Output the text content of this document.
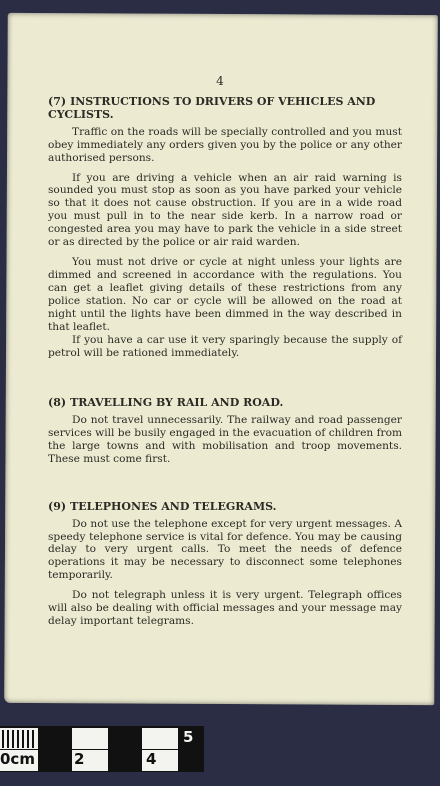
4

(7) INSTRUCTIONS TO DRIVERS OF VEHICLES AND CYCLISTS.

Traffic on the roads will be specially controlled and you must obey immediately any orders given you by the police or any other authorised persons.

If you are driving a vehicle when an air raid warning is sounded you must stop as soon as you have parked your vehicle so that it does not cause obstruction. If you are in a wide road you must pull in to the near side kerb. In a narrow road or congested area you may have to park the vehicle in a side street or as directed by the police or air raid warden.

You must not drive or cycle at night unless your lights are dimmed and screened in accordance with the regulations. You can get a leaflet giving details of these restrictions from any police station. No car or cycle will be allowed on the road at night until the lights have been dimmed in the way described in that leaflet.

If you have a car use it very sparingly because the supply of petrol will be rationed immediately.

(8) TRAVELLING BY RAIL AND ROAD.

Do not travel unnecessarily. The railway and road passenger services will be busily engaged in the evacuation of children from the large towns and with mobilisation and troop movements. These must come first.

(9) TELEPHONES AND TELEGRAMS.

Do not use the telephone except for very urgent messages. A speedy telephone service is vital for defence. You may be causing delay to very urgent calls. To meet the needs of defence operations it may be necessary to disconnect some telephones temporarily.

Do not telegraph unless it is very urgent. Telegraph offices will also be dealing with official messages and your message may delay important telegrams.

1	3	5
0cm	2	4
